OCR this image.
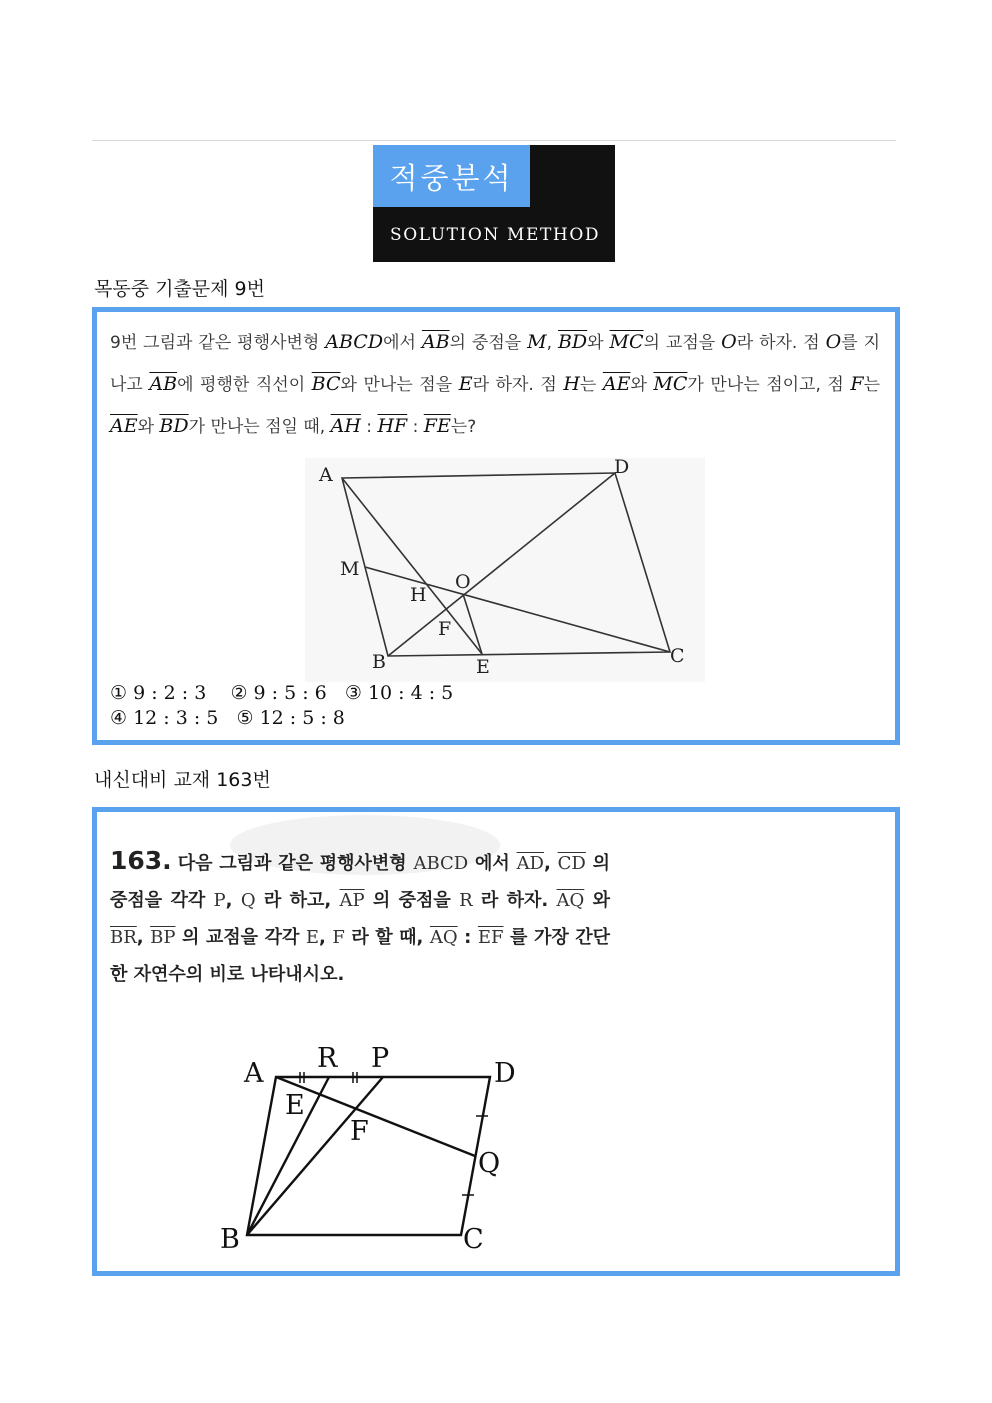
적중분석
SOLUTION METHOD
목동중 기출문제 9번
9번 그림과 같은 평행사변형 ABCD에서 $\overline{AB}$의 중점을 M, $\overline{BD}$와 $\overline{MC}$의 교점을 O라 하자. 점 O를 지나고 $\overline{AB}$에 평행한 직선이 $\overline{BC}$와 만나는 점을 E라 하자. 점 H는 $\overline{AE}$와 $\overline{MC}$가 만나는 점이고, 점 F는 $\overline{AE}$와 $\overline{BD}$가 만나는 점일 때, $\overline{AH}$ : $\overline{HF}$ : $\overline{FE}$는?
A	D
M
O
H
F
B	E	C
① 9 : 2 : 3    ② 9 : 5 : 6   ③ 10 : 4 : 5
④ 12 : 3 : 5   ⑤ 12 : 5 : 8
내신대비 교재 163번
163. 다음 그림과 같은 평행사변형 ABCD 에서 $\overline{AD}$, $\overline{CD}$ 의 중점을 각각 P, Q 라 하고, $\overline{AP}$ 의 중점을 R 라 하자. $\overline{AQ}$ 와 $\overline{BR}$, $\overline{BP}$ 의 교점을 각각 E, F 라 할 때, $\overline{AQ}$ : $\overline{EF}$ 를 가장 간단한 자연수의 비로 나타내시오.
A R P	D
E
F
Q
B	C
